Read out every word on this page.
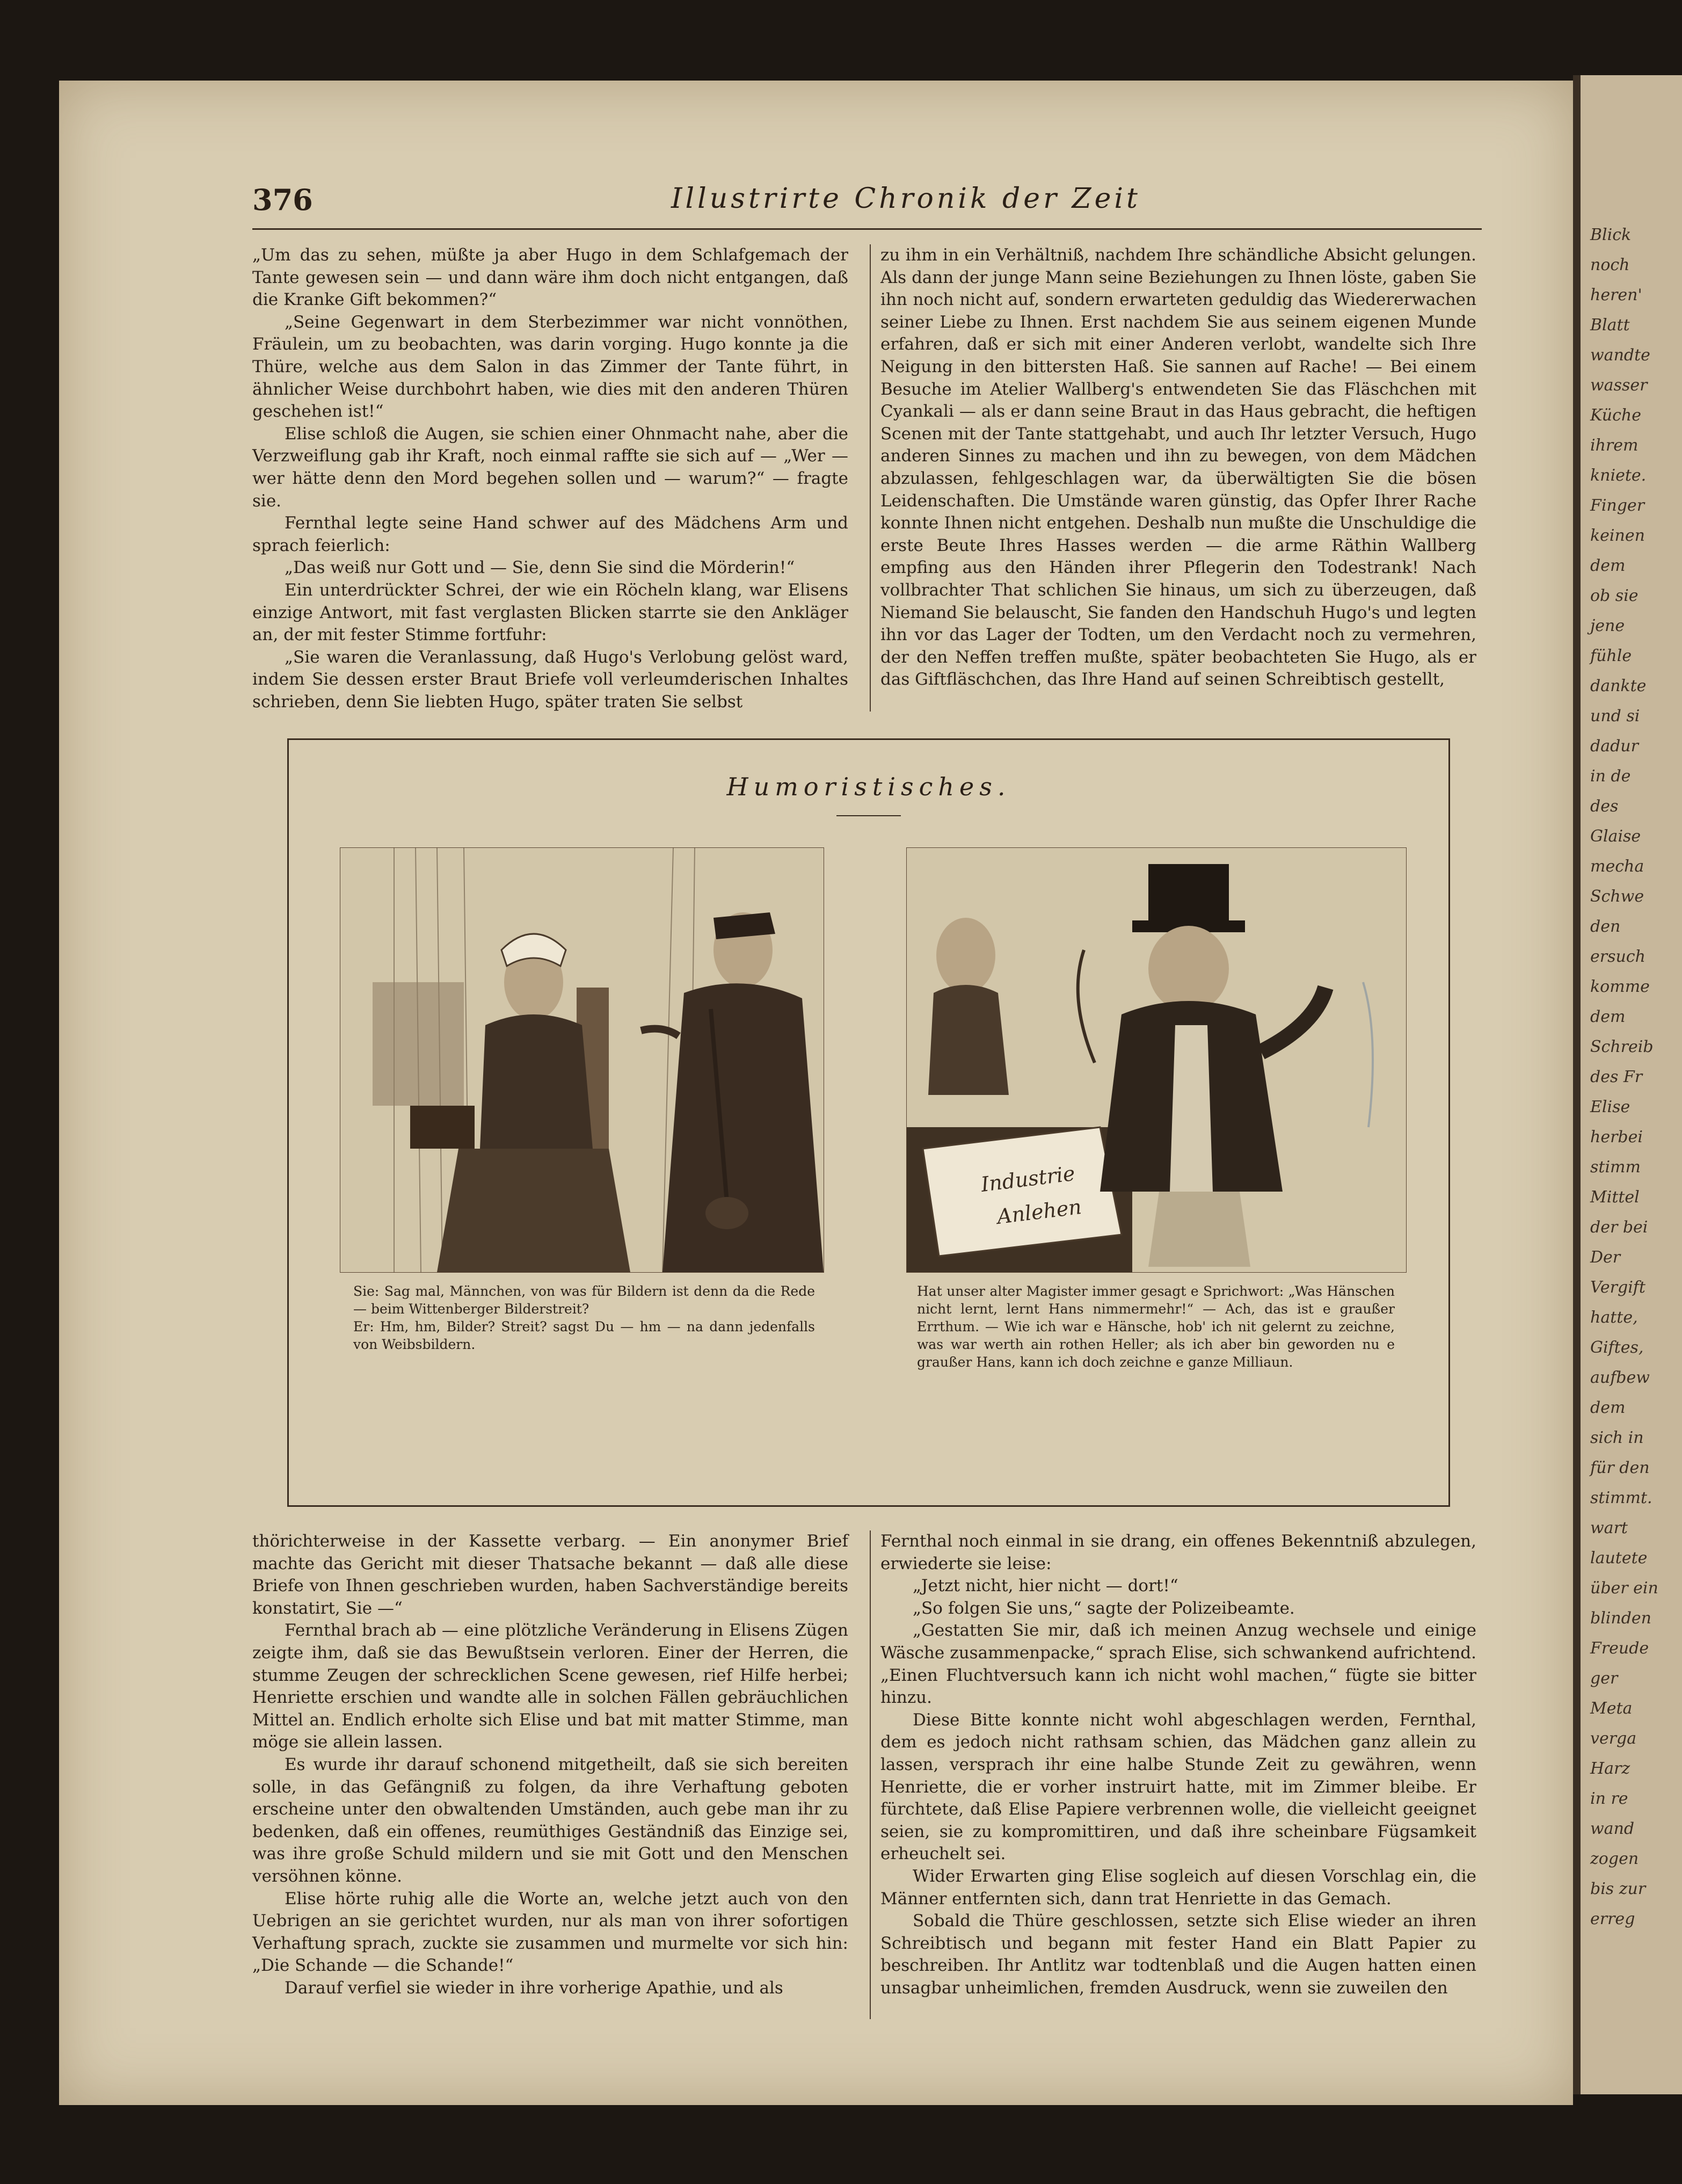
Blick
noch
heren'
Blatt
wandte
wasser
Küche
ihrem
kniete.
Finger
keinen
dem
ob sie
jene
fühle
dankte
und si
dadur
in de
des
Glaise
mecha
Schwe
den
ersuch
komme
dem
Schreib
des Fr
Elise
herbei
stimm
Mittel
der bei
Der
Vergift
hatte,
Giftes,
aufbew
dem
sich in
für den
stimmt.
wart
lautete
über ein
blinden
Freude
ger
Meta
verga
Harz
in re
wand
zogen
bis zur
erreg
376	Illustrirte Chronik der Zeit

„Um das zu sehen, müßte ja aber Hugo in dem Schlafgemach der Tante gewesen sein — und dann wäre ihm doch nicht entgangen, daß die Kranke Gift bekommen?“

„Seine Gegenwart in dem Sterbezimmer war nicht vonnöthen, Fräulein, um zu beobachten, was darin vorging. Hugo konnte ja die Thüre, welche aus dem Salon in das Zimmer der Tante führt, in ähnlicher Weise durchbohrt haben, wie dies mit den anderen Thüren geschehen ist!“

Elise schloß die Augen, sie schien einer Ohnmacht nahe, aber die Verzweiflung gab ihr Kraft, noch einmal raffte sie sich auf — „Wer — wer hätte denn den Mord begehen sollen und — warum?“ — fragte sie.

Fernthal legte seine Hand schwer auf des Mädchens Arm und sprach feierlich:

„Das weiß nur Gott und — Sie, denn Sie sind die Mörderin!“

Ein unterdrückter Schrei, der wie ein Röcheln klang, war Elisens einzige Antwort, mit fast verglasten Blicken starrte sie den Ankläger an, der mit fester Stimme fortfuhr:

„Sie waren die Veranlassung, daß Hugo's Verlobung gelöst ward, indem Sie dessen erster Braut Briefe voll verleumderischen Inhaltes schrieben, denn Sie liebten Hugo, später traten Sie selbst

zu ihm in ein Verhältniß, nachdem Ihre schändliche Absicht gelungen. Als dann der junge Mann seine Beziehungen zu Ihnen löste, gaben Sie ihn noch nicht auf, sondern erwarteten geduldig das Wiedererwachen seiner Liebe zu Ihnen. Erst nachdem Sie aus seinem eigenen Munde erfahren, daß er sich mit einer Anderen verlobt, wandelte sich Ihre Neigung in den bittersten Haß. Sie sannen auf Rache! — Bei einem Besuche im Atelier Wallberg's entwendeten Sie das Fläschchen mit Cyankali — als er dann seine Braut in das Haus gebracht, die heftigen Scenen mit der Tante stattgehabt, und auch Ihr letzter Versuch, Hugo anderen Sinnes zu machen und ihn zu bewegen, von dem Mädchen abzulassen, fehlgeschlagen war, da überwältigten Sie die bösen Leidenschaften. Die Umstände waren günstig, das Opfer Ihrer Rache konnte Ihnen nicht entgehen. Deshalb nun mußte die Unschuldige die erste Beute Ihres Hasses werden — die arme Räthin Wallberg empfing aus den Händen ihrer Pflegerin den Todestrank! Nach vollbrachter That schlichen Sie hinaus, um sich zu überzeugen, daß Niemand Sie belauscht, Sie fanden den Handschuh Hugo's und legten ihn vor das Lager der Todten, um den Verdacht noch zu vermehren, der den Neffen treffen mußte, später beobachteten Sie Hugo, als er das Giftfläschchen, das Ihre Hand auf seinen Schreibtisch gestellt,

Humoristisches.
Industrie
Anlehen

Sie: Sag mal, Männchen, von was für Bildern ist denn da die Rede — beim Wittenberger Bilderstreit?
Er: Hm, hm, Bilder? Streit? sagst Du — hm — na dann jedenfalls von Weibsbildern.

Hat unser alter Magister immer gesagt e Sprichwort: „Was Hänschen nicht lernt, lernt Hans nimmermehr!“ — Ach, das ist e graußer Errthum. — Wie ich war e Hänsche, hob' ich nit gelernt zu zeichne, was war werth ain rothen Heller; als ich aber bin geworden nu e graußer Hans, kann ich doch zeichne e ganze Milliaun.

thörichterweise in der Kassette verbarg. — Ein anonymer Brief machte das Gericht mit dieser Thatsache bekannt — daß alle diese Briefe von Ihnen geschrieben wurden, haben Sachverständige bereits konstatirt, Sie —“

Fernthal brach ab — eine plötzliche Veränderung in Elisens Zügen zeigte ihm, daß sie das Bewußtsein verloren. Einer der Herren, die stumme Zeugen der schrecklichen Scene gewesen, rief Hilfe herbei; Henriette erschien und wandte alle in solchen Fällen gebräuchlichen Mittel an. Endlich erholte sich Elise und bat mit matter Stimme, man möge sie allein lassen.

Es wurde ihr darauf schonend mitgetheilt, daß sie sich bereiten solle, in das Gefängniß zu folgen, da ihre Verhaftung geboten erscheine unter den obwaltenden Umständen, auch gebe man ihr zu bedenken, daß ein offenes, reumüthiges Geständniß das Einzige sei, was ihre große Schuld mildern und sie mit Gott und den Menschen versöhnen könne.

Elise hörte ruhig alle die Worte an, welche jetzt auch von den Uebrigen an sie gerichtet wurden, nur als man von ihrer sofortigen Verhaftung sprach, zuckte sie zusammen und murmelte vor sich hin: „Die Schande — die Schande!“

Darauf verfiel sie wieder in ihre vorherige Apathie, und als

Fernthal noch einmal in sie drang, ein offenes Bekenntniß abzulegen, erwiederte sie leise:

„Jetzt nicht, hier nicht — dort!“

„So folgen Sie uns,“ sagte der Polizeibeamte.

„Gestatten Sie mir, daß ich meinen Anzug wechsele und einige Wäsche zusammenpacke,“ sprach Elise, sich schwankend aufrichtend. „Einen Fluchtversuch kann ich nicht wohl machen,“ fügte sie bitter hinzu.

Diese Bitte konnte nicht wohl abgeschlagen werden, Fernthal, dem es jedoch nicht rathsam schien, das Mädchen ganz allein zu lassen, versprach ihr eine halbe Stunde Zeit zu gewähren, wenn Henriette, die er vorher instruirt hatte, mit im Zimmer bleibe. Er fürchtete, daß Elise Papiere verbrennen wolle, die vielleicht geeignet seien, sie zu kompromittiren, und daß ihre scheinbare Fügsamkeit erheuchelt sei.

Wider Erwarten ging Elise sogleich auf diesen Vorschlag ein, die Männer entfernten sich, dann trat Henriette in das Gemach.

Sobald die Thüre geschlossen, setzte sich Elise wieder an ihren Schreibtisch und begann mit fester Hand ein Blatt Papier zu beschreiben. Ihr Antlitz war todtenblaß und die Augen hatten einen unsagbar unheimlichen, fremden Ausdruck, wenn sie zuweilen den
